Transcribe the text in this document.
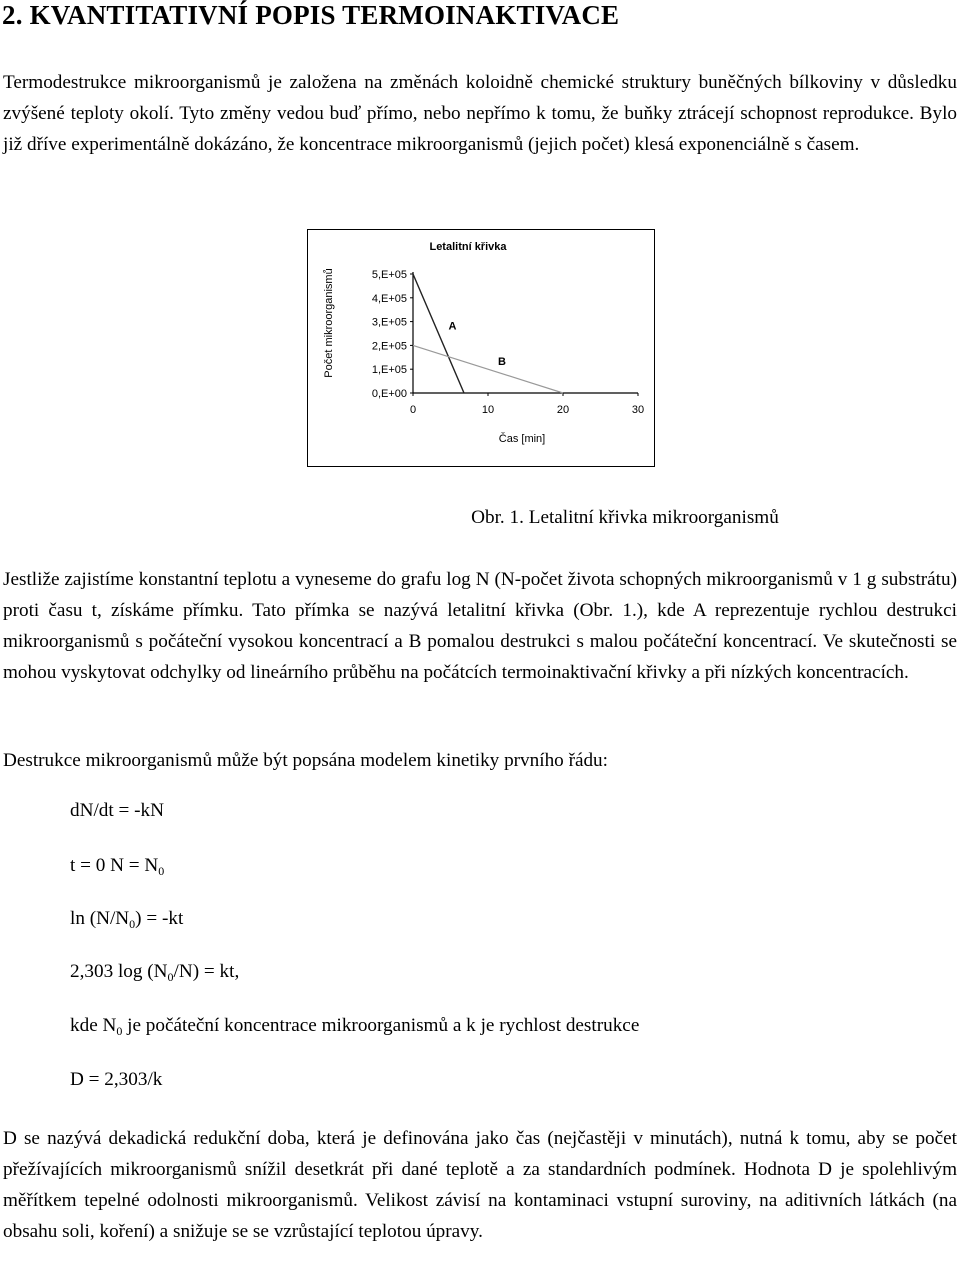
2. KVANTITATIVNÍ POPIS TERMOINAKTIVACE
Termodestrukce mikroorganismů je založena na změnách koloidně chemické struktury buněčných bílkoviny v důsledku zvýšené teploty okolí. Tyto změny vedou buď přímo, nebo nepřímo k tomu, že buňky ztrácejí schopnost reprodukce. Bylo již dříve experimentálně dokázáno, že koncentrace mikroorganismů (jejich počet) klesá exponenciálně s časem.
Letalitní křivka
0,E+00
1,E+05
2,E+05
3,E+05
4,E+05
5,E+05
0	10	20	30
A
B
Počet mikroorganismů
Čas [min]
Obr. 1. Letalitní křivka mikroorganismů
Jestliže zajistíme konstantní teplotu a vyneseme do grafu log N (N-počet života schopných mikroorganismů v 1 g substrátu) proti času t, získáme přímku. Tato přímka se nazývá letalitní křivka (Obr. 1.), kde A reprezentuje rychlou destrukci mikroorganismů s počáteční vysokou koncentrací a B pomalou destrukci s malou počáteční koncentrací. Ve skutečnosti se mohou vyskytovat odchylky od lineárního průběhu na počátcích termoinaktivační křivky a při nízkých koncentracích.
Destrukce mikroorganismů může být popsána modelem kinetiky prvního řádu:
dN/dt = -kN
t = 0 $N = N_0$
$\ln (N/N_0) = -kt$
2,303 $\log (N_0/N)$ = kt,
kde $N_0$ je počáteční koncentrace mikroorganismů a k je rychlost destrukce
D = 2,303/k
D se nazývá dekadická redukční doba, která je definována jako čas (nejčastěji v minutách), nutná k tomu, aby se počet přežívajících mikroorganismů snížil desetkrát při dané teplotě a za standardních podmínek. Hodnota D je spolehlivým měřítkem tepelné odolnosti mikroorganismů. Velikost závisí na kontaminaci vstupní suroviny, na aditivních látkách (na obsahu soli, koření) a snižuje se se vzrůstající teplotou úpravy.
